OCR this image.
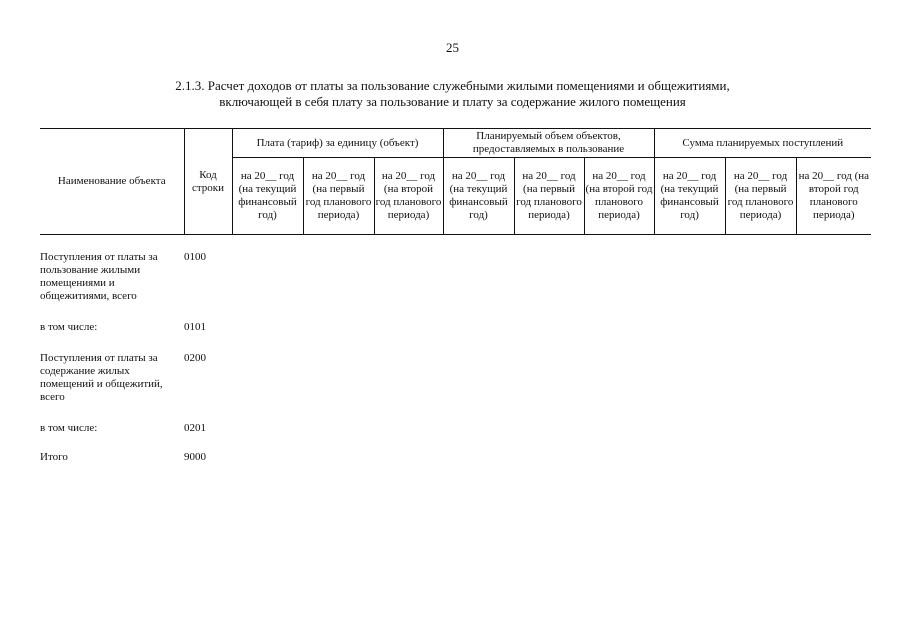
25
2.1.3. Расчет доходов от платы за пользование служебными жилыми помещениями и общежитиями,
включающей в себя плату за пользование и плату за содержание жилого помещения
Наименование объекта	Код строки	Плата (тариф) за единицу (объект)			Планируемый объем объектов, предоставляемых в пользование			Сумма планируемых поступлений		
		на 20__ год (на текущий финансовый год)	на 20__ год (на первый год планового периода)	на 20__ год (на второй год планового периода)	на 20__ год (на текущий финансовый год)	на 20__ год (на первый год планового периода)	на 20__ год (на второй год планового периода)	на 20__ год (на текущий финансовый год)	на 20__ год (на первый год планового периода)	на 20__ год (на второй год планового периода)

Поступления от платы за пользование жилыми помещениями и общежитиями, всего	0100									
в том числе:	0101									
Поступления от платы за содержание жилых помещений и общежитий, всего	0200									
в том числе:	0201									
Итого	9000									
